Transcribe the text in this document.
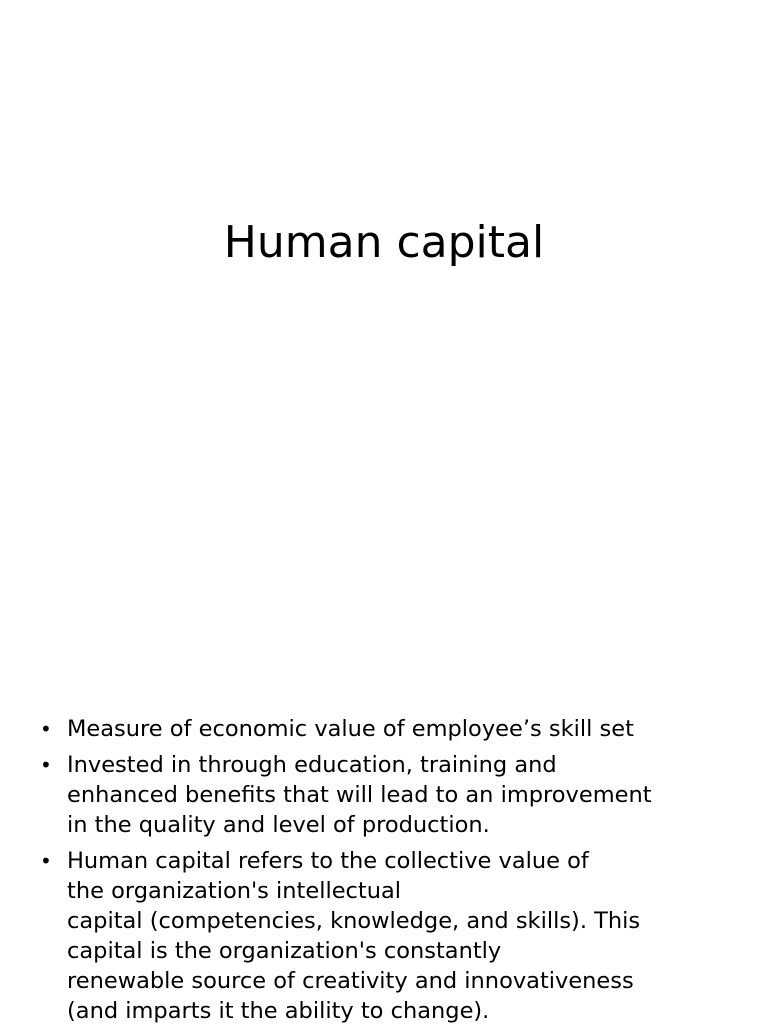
Human capital
• Measure of economic value of employee’s skill set
• Invested in through education, training and
enhanced benefits that will lead to an improvement
in the quality and level of production.
• Human capital refers to the collective value of
the organization's intellectual
capital (competencies, knowledge, and skills). This
capital is the organization's constantly
renewable source of creativity and innovativeness
(and imparts it the ability to change).
